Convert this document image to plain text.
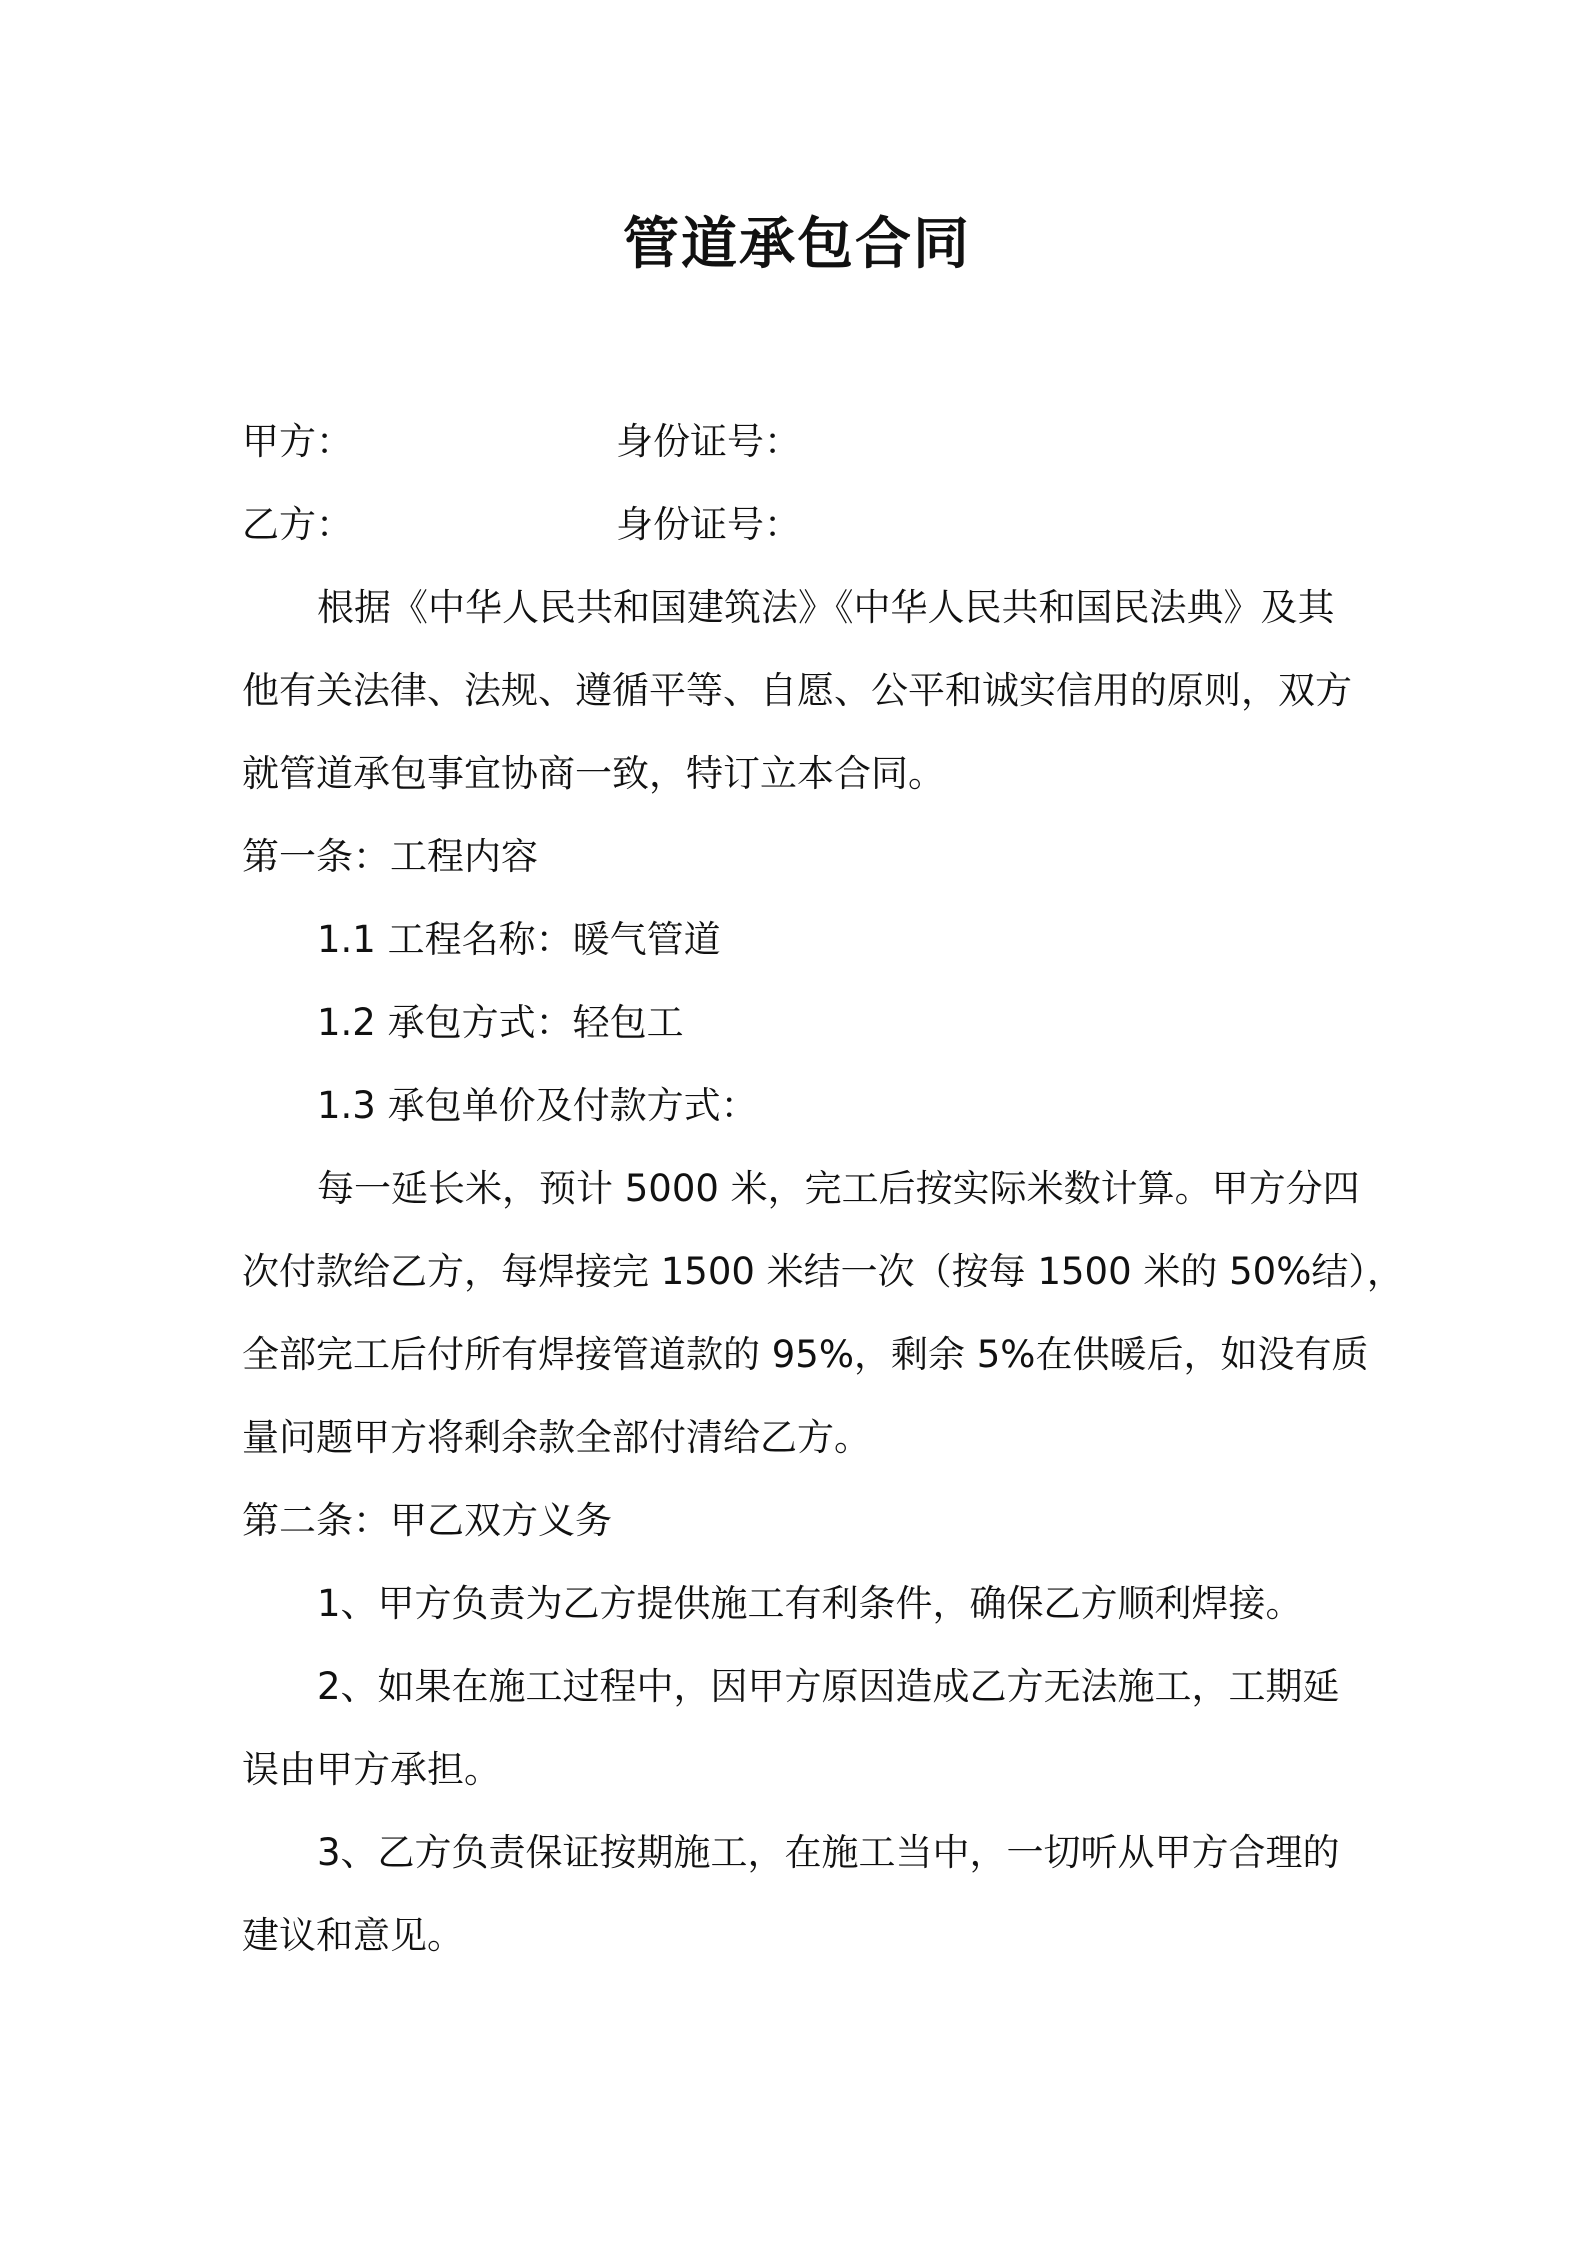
管道承包合同
甲方：	身份证号：
乙方：	身份证号：
根据《中华人民共和国建筑法》《中华人民共和国民法典》及其
他有关法律、法规、遵循平等、自愿、公平和诚实信用的原则，双方
就管道承包事宜协商一致，特订立本合同。
第一条：工程内容
1.1 工程名称：暖气管道
1.2 承包方式：轻包工
1.3 承包单价及付款方式：
每一延长米，预计 5000 米，完工后按实际米数计算。甲方分四
次付款给乙方，每焊接完 1500 米结一次（按每 1500 米的 50%结），
全部完工后付所有焊接管道款的 95%，剩余 5%在供暖后，如没有质
量问题甲方将剩余款全部付清给乙方。
第二条：甲乙双方义务
1、甲方负责为乙方提供施工有利条件，确保乙方顺利焊接。
2、如果在施工过程中，因甲方原因造成乙方无法施工，工期延
误由甲方承担。
3、乙方负责保证按期施工，在施工当中，一切听从甲方合理的
建议和意见。
